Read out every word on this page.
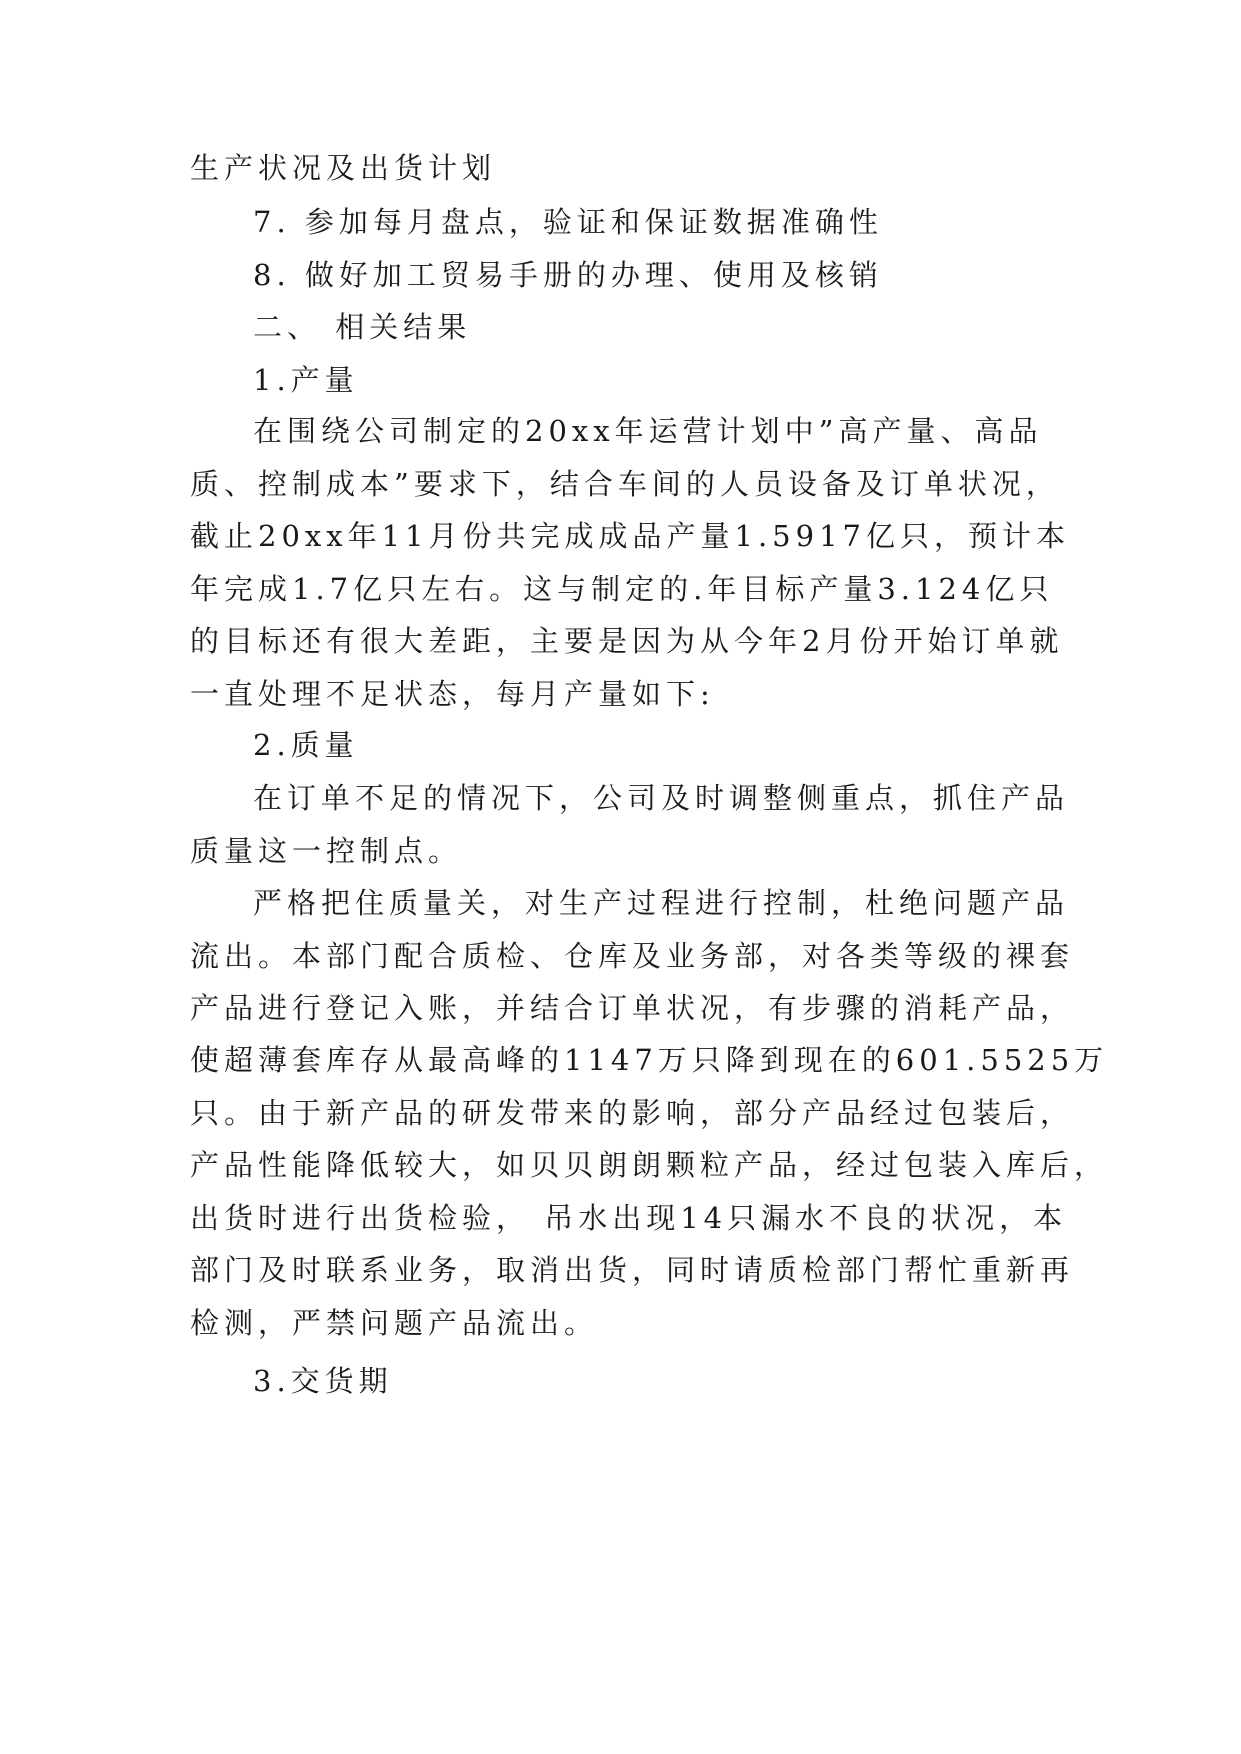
生产状况及出货计划

7. 参加每月盘点，验证和保证数据准确性

8. 做好加工贸易手册的办理、使用及核销

二、 相关结果

1.产量

在围绕公司制定的20xx年运营计划中”高产量、高品

质、控制成本”要求下，结合车间的人员设备及订单状况，

截止20xx年11月份共完成成品产量1.5917亿只，预计本

年完成1.7亿只左右。这与制定的.年目标产量3.124亿只

的目标还有很大差距，主要是因为从今年2月份开始订单就

一直处理不足状态，每月产量如下:

2.质量

在订单不足的情况下，公司及时调整侧重点，抓住产品

质量这一控制点。

严格把住质量关，对生产过程进行控制，杜绝问题产品

流出。本部门配合质检、仓库及业务部，对各类等级的裸套

产品进行登记入账，并结合订单状况，有步骤的消耗产品，

使超薄套库存从最高峰的1147万只降到现在的601.5525万

只。由于新产品的研发带来的影响，部分产品经过包装后，

产品性能降低较大，如贝贝朗朗颗粒产品，经过包装入库后，

出货时进行出货检验， 吊水出现14只漏水不良的状况，本

部门及时联系业务，取消出货，同时请质检部门帮忙重新再

检测，严禁问题产品流出。

3.交货期
